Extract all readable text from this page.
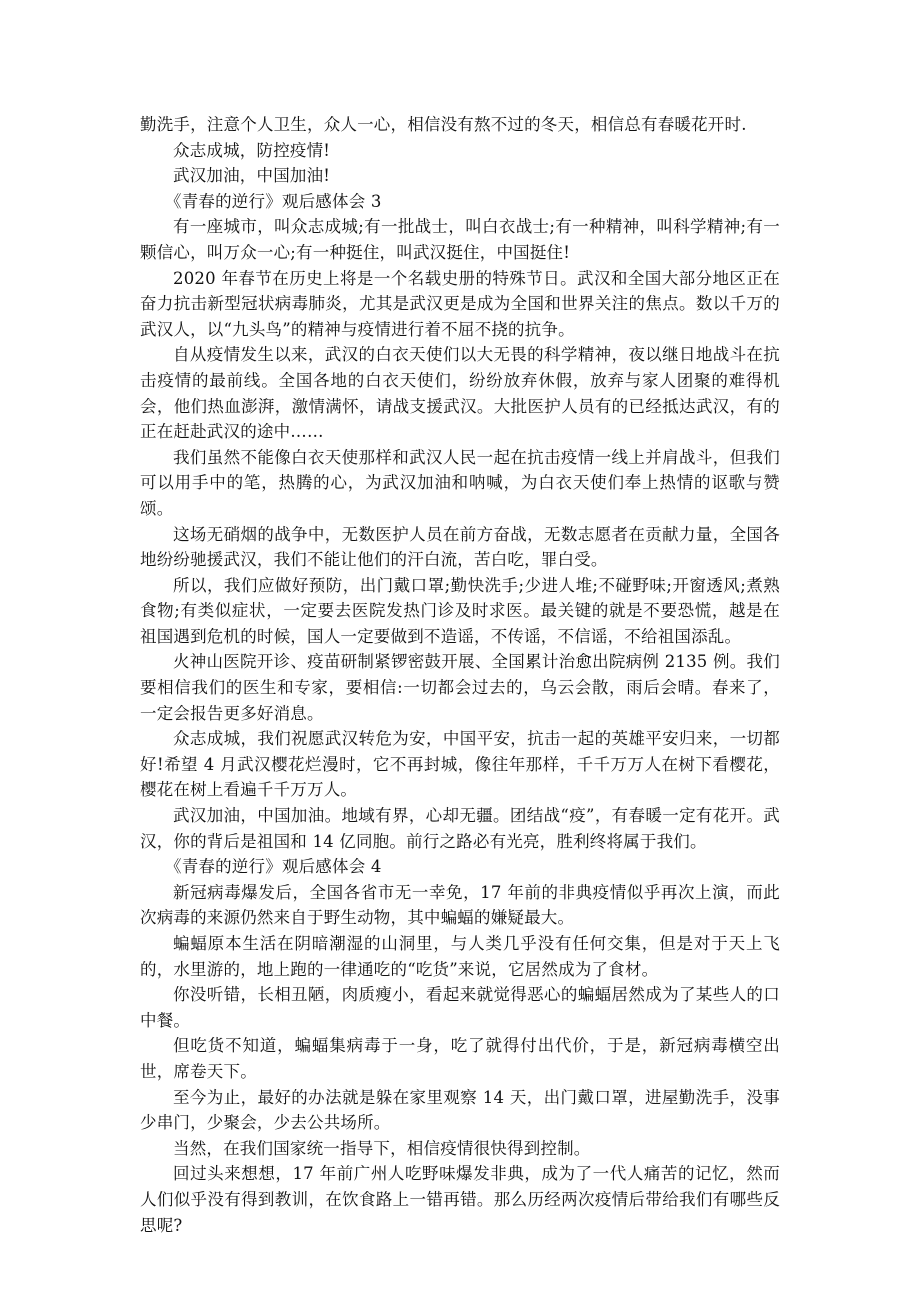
勤洗手，注意个人卫生，众人一心，相信没有熬不过的冬天，相信总有春暖花开时.

众志成城，防控疫情!

武汉加油，中国加油!

《青春的逆行》观后感体会 3

有一座城市，叫众志成城;有一批战士，叫白衣战士;有一种精神，叫科学精神;有一颗信心，叫万众一心;有一种挺住，叫武汉挺住，中国挺住!

2020 年春节在历史上将是一个名载史册的特殊节日。武汉和全国大部分地区正在奋力抗击新型冠状病毒肺炎，尤其是武汉更是成为全国和世界关注的焦点。数以千万的武汉人，以“九头鸟”的精神与疫情进行着不屈不挠的抗争。

自从疫情发生以来，武汉的白衣天使们以大无畏的科学精神，夜以继日地战斗在抗击疫情的最前线。全国各地的白衣天使们，纷纷放弃休假，放弃与家人团聚的难得机会，他们热血澎湃，激情满怀，请战支援武汉。大批医护人员有的已经抵达武汉，有的正在赶赴武汉的途中……

我们虽然不能像白衣天使那样和武汉人民一起在抗击疫情一线上并肩战斗，但我们可以用手中的笔，热腾的心，为武汉加油和呐喊，为白衣天使们奉上热情的讴歌与赞颂。

这场无硝烟的战争中，无数医护人员在前方奋战，无数志愿者在贡献力量，全国各地纷纷驰援武汉，我们不能让他们的汗白流，苦白吃，罪白受。

所以，我们应做好预防，出门戴口罩;勤快洗手;少进人堆;不碰野味;开窗透风;煮熟食物;有类似症状，一定要去医院发热门诊及时求医。最关键的就是不要恐慌，越是在祖国遇到危机的时候，国人一定要做到不造谣，不传谣，不信谣，不给祖国添乱。

火神山医院开诊、疫苗研制紧锣密鼓开展、全国累计治愈出院病例 2135 例。我们要相信我们的医生和专家，要相信:一切都会过去的，乌云会散，雨后会晴。春来了，一定会报告更多好消息。

众志成城，我们祝愿武汉转危为安，中国平安，抗击一起的英雄平安归来，一切都好!希望 4 月武汉樱花烂漫时，它不再封城，像往年那样，千千万万人在树下看樱花，樱花在树上看遍千千万万人。

武汉加油，中国加油。地域有界，心却无疆。团结战“疫”，有春暖一定有花开。武汉，你的背后是祖国和 14 亿同胞。前行之路必有光亮，胜利终将属于我们。

《青春的逆行》观后感体会 4

新冠病毒爆发后，全国各省市无一幸免，17 年前的非典疫情似乎再次上演，而此次病毒的来源仍然来自于野生动物，其中蝙蝠的嫌疑最大。

蝙蝠原本生活在阴暗潮湿的山洞里，与人类几乎没有任何交集，但是对于天上飞的，水里游的，地上跑的一律通吃的“吃货”来说，它居然成为了食材。

你没听错，长相丑陋，肉质瘦小，看起来就觉得恶心的蝙蝠居然成为了某些人的口中餐。

但吃货不知道，蝙蝠集病毒于一身，吃了就得付出代价，于是，新冠病毒横空出世，席卷天下。

至今为止，最好的办法就是躲在家里观察 14 天，出门戴口罩，进屋勤洗手，没事少串门，少聚会，少去公共场所。

当然，在我们国家统一指导下，相信疫情很快得到控制。

回过头来想想，17 年前广州人吃野味爆发非典，成为了一代人痛苦的记忆，然而人们似乎没有得到教训，在饮食路上一错再错。那么历经两次疫情后带给我们有哪些反思呢?
